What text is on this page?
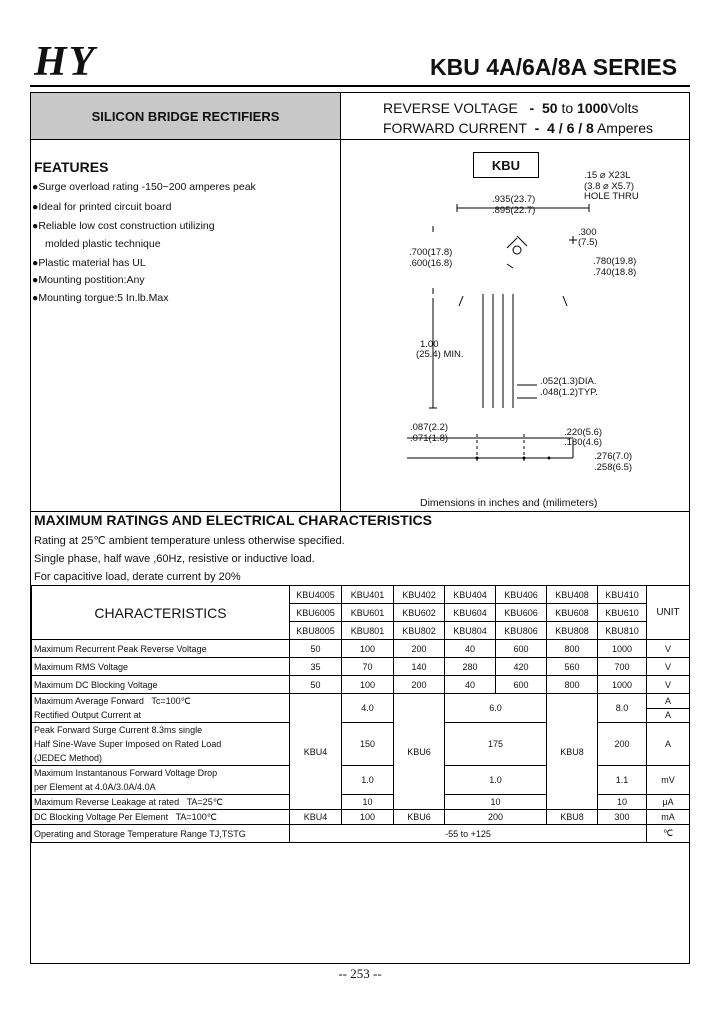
HY	KBU 4A/6A/8A SERIES
SILICON BRIDGE RECTIFIERS	REVERSE VOLTAGE - 50 to 1000Volts
FORWARD CURRENT - 4 / 6 / 8 Amperes
FEATURES
●Surge overload rating -150~200 amperes peak
●Ideal for printed circuit board
●Reliable low cost construction utilizing
molded plastic technique
●Plastic material has UL
●Mounting postition:Any
●Mounting torgue:5 In.lb.Max
KBU
.15 ⌀ X23L
(3.8 ⌀ X5.7)
HOLE THRU
.935(23.7)
.895(22.7)
.300
(7.5)
.700(17.8)
.600(16.8)	.780(19.8)
.740(18.8)
1.00
(25.4) MIN.
.052(1.3)DIA.
.048(1.2)TYP.
.087(2.2)
.071(1.8)
.220(5.6)
.180(4.6)
.276(7.0)
.258(6.5)
Dimensions in inches and (milimeters)
MAXIMUM RATINGS AND ELECTRICAL CHARACTERISTICS
Rating at 25℃ ambient temperature unless otherwise specified.
Single phase, half wave ,60Hz, resistive or inductive load.
For capacitive load, derate current by 20%
CHARACTERISTICS	KBU4005	KBU401	KBU402	KBU404	KBU406	KBU408	KBU410	UNIT
	KBU6005	KBU601	KBU602	KBU604	KBU606	KBU608	KBU610	
	KBU8005	KBU801	KBU802	KBU804	KBU806	KBU808	KBU810	
Maximum Recurrent Peak Reverse Voltage	50	100	200	40	600	800	1000	V
Maximum RMS Voltage	35	70	140	280	420	560	700	V
Maximum DC Blocking Voltage	50	100	200	40	600	800	1000	V
Maximum Average Forward Tc=100℃
Rectified Output Current at	KBU4	4.0	KBU6	6.0		KBU8	8.0	A
								A
Peak Forward Surge Current 8.3ms single
Half Sine-Wave Super Imposed on Rated Load
(JEDEC Method)		150		175			200	A

Maximum Instantanous Forward Voltage Drop
per Element at 4.0A/3.0A/4.0A		1.0		1.0			1.1	mV

Maximum Reverse Leakage at rated TA=25℃		10		10			10	μA
DC Blocking Voltage Per Element TA=100℃	KBU4	100	KBU6	200		KBU8	300	mA
Operating and Storage Temperature Range TJ,TSTG	-55 to +125							℃
-- 253 --
